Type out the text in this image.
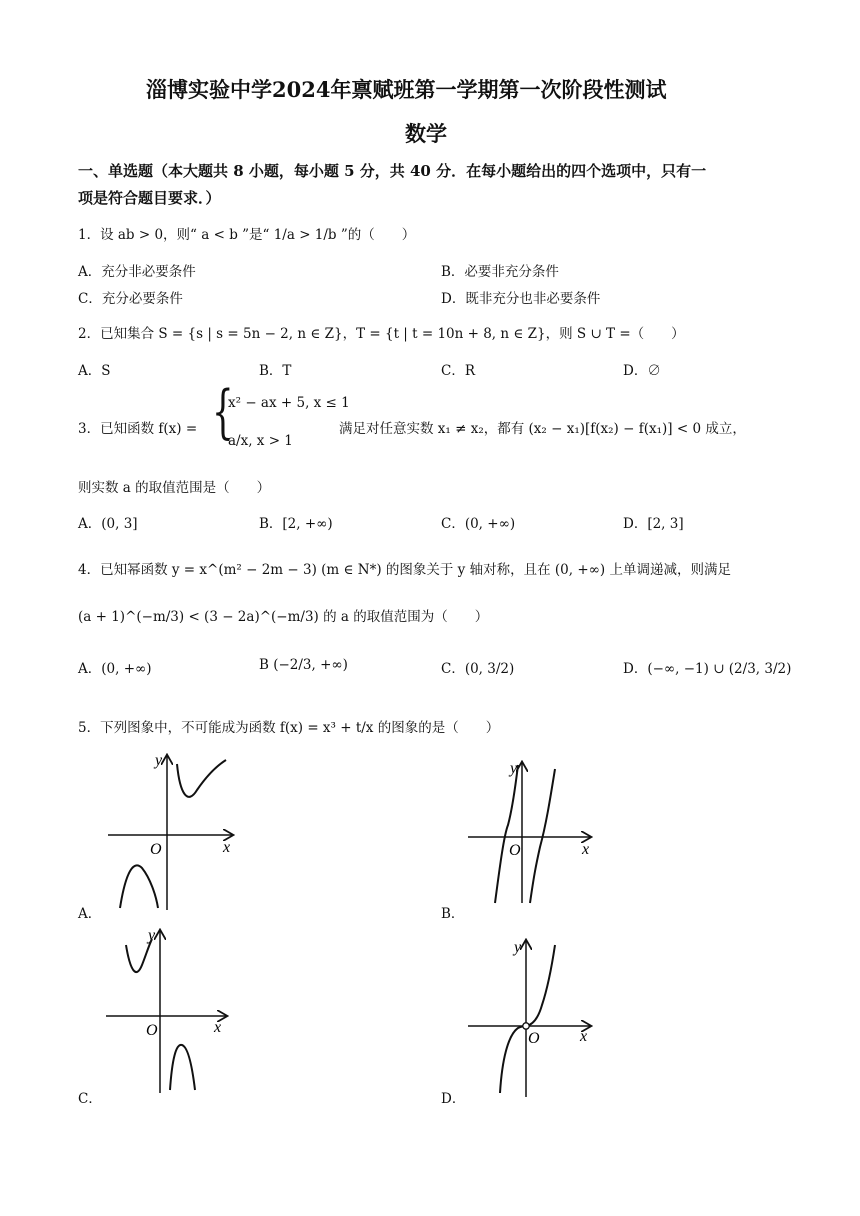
淄博实验中学2024年禀赋班第一学期第一次阶段性测试
数学
一、单选题（本大题共 8 小题，每小题 5 分，共 40 分．在每小题给出的四个选项中，只有一
项是符合题目要求．）
1．设 ab > 0，则“ a < b ”是“ 1/a > 1/b ”的（　　）
A．充分非必要条件	B．必要非充分条件
C．充分必要条件	D．既非充分也非必要条件
2．已知集合 S = {s | s = 5n − 2, n ∈ Z}，T = {t | t = 10n + 8, n ∈ Z}，则 S ∪ T =（　　）
A．S	B．T	C．R	D．∅
3．已知函数 f(x) = {
x² − ax + 5, x ≤ 1
a/x, x > 1
满足对任意实数 x₁ ≠ x₂，都有 (x₂ − x₁)[f(x₂) − f(x₁)] < 0 成立，
则实数 a 的取值范围是（　　）
A．(0, 3]	B．[2, +∞)	C．(0, +∞)	D．[2, 3]
4．已知幂函数 y = x^(m² − 2m − 3) (m ∈ N*) 的图象关于 y 轴对称，且在 (0, +∞) 上单调递减，则满足
(a + 1)^(−m/3) < (3 − 2a)^(−m/3) 的 a 的取值范围为（　　）
A．(0, +∞)	B (−2/3, +∞)	C．(0, 3/2)	D．(−∞, −1) ∪ (2/3, 3/2)
5．下列图象中，不可能成为函数 f(x) = x³ + t/x 的图象的是（　　）
y
x
O
A．
y
x
O
B．
y
x
O
C．
y
x
O
D．
